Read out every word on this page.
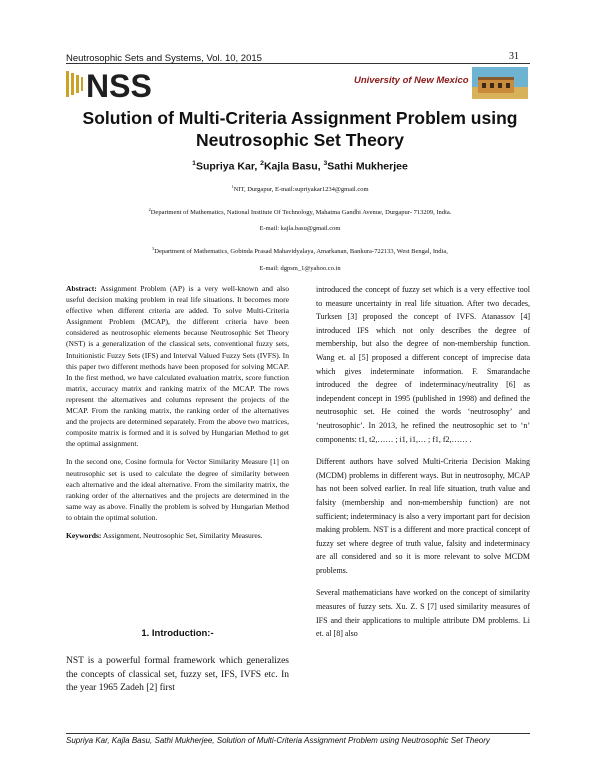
Neutrosophic Sets and Systems, Vol. 10, 2015	31
NSS	University of New Mexico
Solution of Multi-Criteria Assignment Problem using Neutrosophic Set Theory
$^1$Supriya Kar, $^2$Kajla Basu, $^3$Sathi Mukherjee
$^1$NIT, Durgapur, E-mail:supriyakar1234@gmail.com
$^2$Department of Mathematics, National Institute Of Technology, Mahatma Gandhi Avenue, Durgapur- 713209, India.
E-mail: kajla.basu@gmail.com
$^3$Department of Mathematics, Gobinda Prasad Mahavidyalaya, Amarkanan, Bankura-722133, West Bengal, India,
E-mail: dgpsm_1@yahoo.co.in

Abstract: Assignment Problem (AP) is a very well-known and also useful decision making problem in real life situations. It becomes more effective when different criteria are added. To solve Multi-Criteria Assignment Problem (MCAP), the different criteria have been considered as neutrosophic elements because Neutrosophic Set Theory (NST) is a generalization of the classical sets, conventional fuzzy sets, Intuitionistic Fuzzy Sets (IFS) and Interval Valued Fuzzy Sets (IVFS). In this paper two different methods have been proposed for solving MCAP. In the first method, we have calculated evaluation matrix, score function matrix, accuracy matrix and ranking matrix of the MCAP. The rows represent the alternatives and columns represent the projects of the MCAP. From the ranking matrix, the ranking order of the alternatives and the projects are determined separately. From the above two matrices, composite matrix is formed and it is solved by Hungarian Method to get the optimal assignment.

In the second one, Cosine formula for Vector Similarity Measure [1] on neutrosophic set is used to calculate the degree of similarity between each alternative and the ideal alternative. From the similarity matrix, the ranking order of the alternatives and the projects are determined in the same way as above. Finally the problem is solved by Hungarian Method to obtain the optimal solution.

Keywords: Assignment, Neutrosophic Set, Similarity Measures.

1. Introduction:-
NST is a powerful formal framework which generalizes the concepts of classical set, fuzzy set, IFS, IVFS etc. In the year 1965 Zadeh [2] first

introduced the concept of fuzzy set which is a very effective tool to measure uncertainty in real life situation. After two decades, Turksen [3] proposed the concept of IVFS. Atanassov [4] introduced IFS which not only describes the degree of membership, but also the degree of non-membership function. Wang et. al [5] proposed a different concept of imprecise data which gives indeterminate information. F. Smarandache introduced the degree of indeterminacy/neutrality [6] as independent concept in 1995 (published in 1998) and defined the neutrosophic set. He coined the words ‘neutrosophy’ and ‘neutrosophic’. In 2013, he refined the neutrosophic set to ‘n’ components: t1, t2,…… ; i1, i1,… ; f1, f2,…… .

Different authors have solved Multi-Criteria Decision Making (MCDM) problems in different ways. But in neutrosophy, MCAP has not been solved earlier. In real life situation, truth value and falsity (membership and non-membership function) are not sufficient; indeterminacy is also a very important part for decision making problem. NST is a different and more practical concept of fuzzy set where degree of truth value, falsity and indeterminacy are all considered and so it is more relevant to solve MCDM problems.

Several mathematicians have worked on the concept of similarity measures of fuzzy sets. Xu. Z. S [7] used similarity measures of IFS and their applications to multiple attribute DM problems. Li et. al [8] also

Supriya Kar, Kajla Basu, Sathi Mukherjee, Solution of Multi-Criteria Assignment Problem using Neutrosophic Set Theory
